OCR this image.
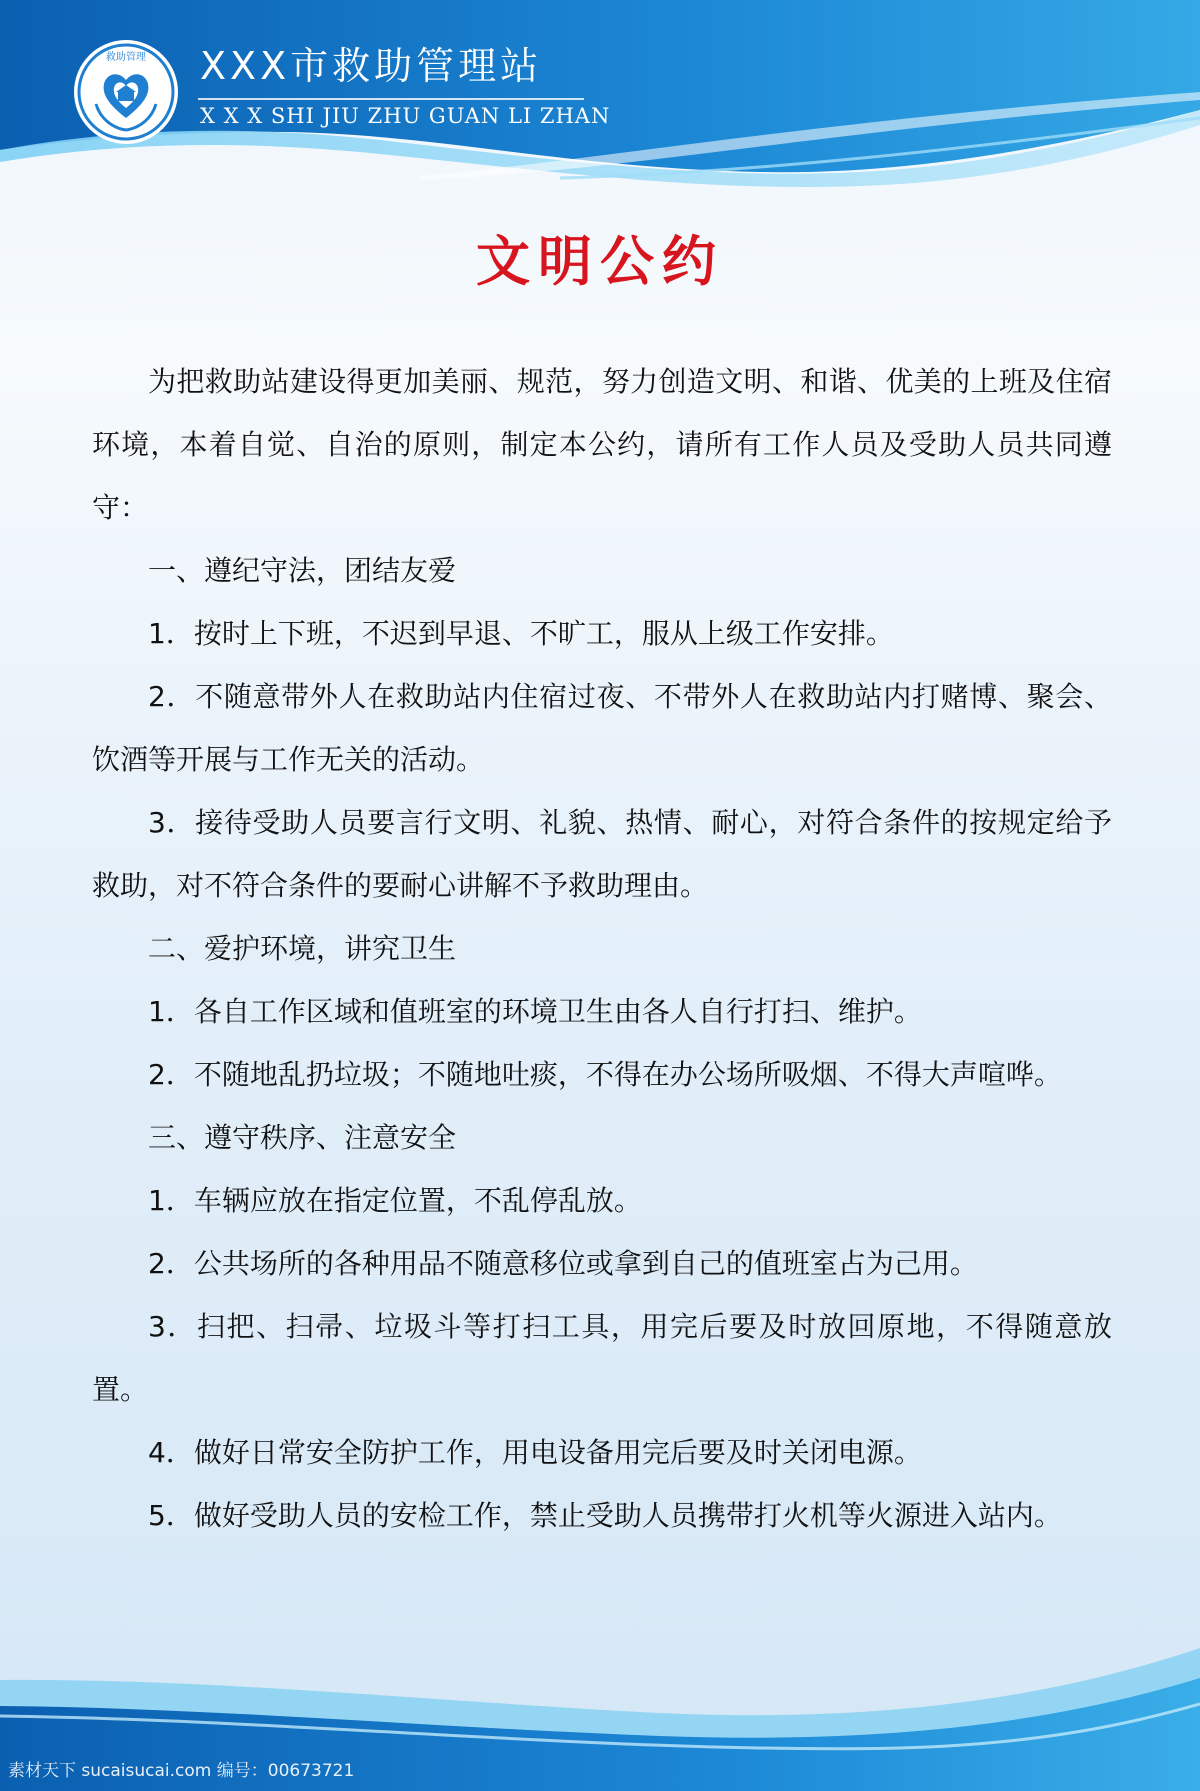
救助管理 XXX市救助管理站
X X X SHI JIU ZHU GUAN LI ZHAN
文明公约

为把救助站建设得更加美丽、规范，努力创造文明、和谐、优美的上班及住宿环境，本着自觉、自治的原则，制定本公约，请所有工作人员及受助人员共同遵守：

一、遵纪守法，团结友爱

1．按时上下班，不迟到早退、不旷工，服从上级工作安排。

2．不随意带外人在救助站内住宿过夜、不带外人在救助站内打赌博、聚会、饮酒等开展与工作无关的活动。

3．接待受助人员要言行文明、礼貌、热情、耐心，对符合条件的按规定给予救助，对不符合条件的要耐心讲解不予救助理由。

二、爱护环境，讲究卫生

1．各自工作区域和值班室的环境卫生由各人自行打扫、维护。

2．不随地乱扔垃圾；不随地吐痰，不得在办公场所吸烟、不得大声喧哗。

三、遵守秩序、注意安全

1．车辆应放在指定位置，不乱停乱放。

2．公共场所的各种用品不随意移位或拿到自己的值班室占为己用。

3．扫把、扫帚、垃圾斗等打扫工具，用完后要及时放回原地，不得随意放置。

4．做好日常安全防护工作，用电设备用完后要及时关闭电源。

5．做好受助人员的安检工作，禁止受助人员携带打火机等火源进入站内。

素材天下 sucaisucai.com 编号：00673721
